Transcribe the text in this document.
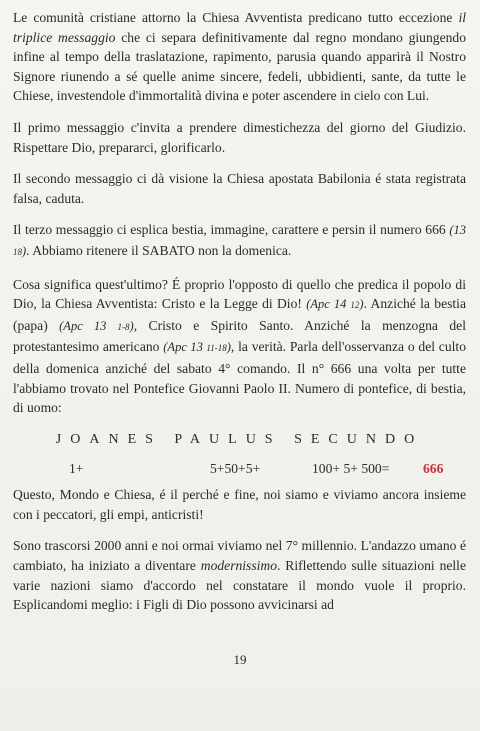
Le comunità cristiane attorno la Chiesa Avventista predicano tutto eccezione il triplice messaggio che ci separa definitivamente dal regno mondano giungendo infine al tempo della traslatazione, rapimento, parusia quando apparirà il Nostro Signore riunendo a sé quelle anime sincere, fedeli, ubbidienti, sante, da tutte le Chiese, investendole d'immortalità divina e poter ascendere in cielo con Lui.

Il primo messaggio c'invita a prendere dimestichezza del giorno del Giudizio. Rispettare Dio, prepararci, glorificarlo.

Il secondo messaggio ci dà visione la Chiesa apostata Babilonia é stata registrata falsa, caduta.

Il terzo messaggio ci esplica bestia, immagine, carattere e persin il numero 666 (13 18). Abbiamo ritenere il SABATO non la domenica.

Cosa significa quest'ultimo? É proprio l'opposto di quello che predica il popolo di Dio, la Chiesa Avventista: Cristo e la Legge di Dio! (Apc 14 12). Anziché la bestia (papa) (Apc 13 1-8), Cristo e Spirito Santo. Anziché la menzogna del protestantesimo americano (Apc 13 11-18), la verità. Parla dell'osservanza o del culto della domenica anziché del sabato 4° comando. Il n° 666 una volta per tutte l'abbiamo trovato nel Pontefice Giovanni Paolo II. Numero di pontefice, di bestia, di uomo:

JOANES PAULUS SECUNDO
1+	5+50+5+	100+ 5+ 500= 666

Questo, Mondo e Chiesa, é il perché e fine, noi siamo e viviamo ancora insieme con i peccatori, gli empi, anticristi!

Sono trascorsi 2000 anni e noi ormai viviamo nel 7° millennio. L'andazzo umano é cambiato, ha iniziato a diventare modernissimo. Riflettendo sulle situazioni nelle varie nazioni siamo d'accordo nel constatare il mondo vuole il proprio. Esplicandomi meglio: i Figli di Dio possono avvicinarsi ad

19
